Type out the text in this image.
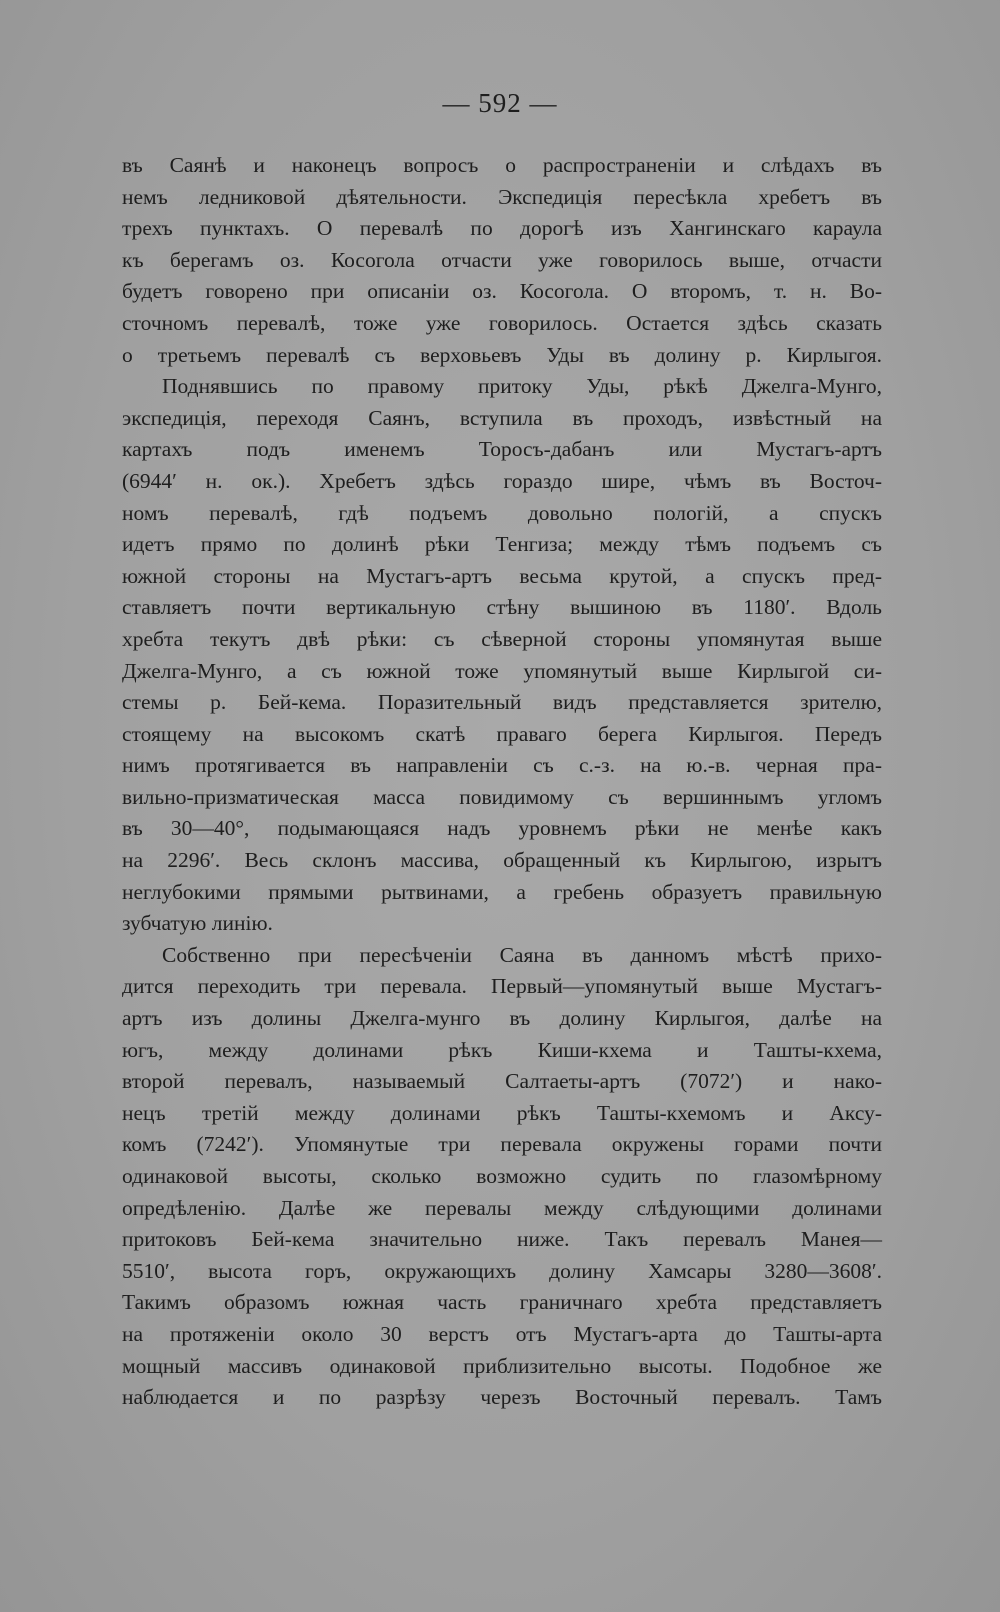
— 592 —
въ Саянѣ и наконецъ вопросъ о распространеніи и слѣдахъ въ
немъ ледниковой дѣятельности. Экспедиція пересѣкла хребетъ въ
трехъ пунктахъ. О перевалѣ по дорогѣ изъ Хангинскаго караула
къ берегамъ оз. Косогола отчасти уже говорилось выше, отчасти
будетъ говорено при описаніи оз. Косогола. О второмъ, т. н. Во-
сточномъ перевалѣ, тоже уже говорилось. Остается здѣсь сказать
о третьемъ перевалѣ съ верховьевъ Уды въ долину р. Кирлыгоя.
Поднявшись по правому притоку Уды, рѣкѣ Джелга-Мунго,
экспедиція, переходя Саянъ, вступила въ проходъ, извѣстный на
картахъ подъ именемъ Торосъ-дабанъ или Мустагъ-артъ
(6944′ н. ок.). Хребетъ здѣсь гораздо шире, чѣмъ въ Восточ-
номъ перевалѣ, гдѣ подъемъ довольно пологій, а спускъ
идетъ прямо по долинѣ рѣки Тенгиза; между тѣмъ подъемъ съ
южной стороны на Мустагъ-артъ весьма крутой, а спускъ пред-
ставляетъ почти вертикальную стѣну вышиною въ 1180′. Вдоль
хребта текутъ двѣ рѣки: съ сѣверной стороны упомянутая выше
Джелга-Мунго, а съ южной тоже упомянутый выше Кирлыгой си-
стемы р. Бей-кема. Поразительный видъ представляется зрителю,
стоящему на высокомъ скатѣ праваго берега Кирлыгоя. Передъ
нимъ протягивается въ направленіи съ с.-з. на ю.-в. черная пра-
вильно-призматическая масса повидимому съ вершиннымъ угломъ
въ 30—40°, подымающаяся надъ уровнемъ рѣки не менѣе какъ
на 2296′. Весь склонъ массива, обращенный къ Кирлыгою, изрытъ
неглубокими прямыми рытвинами, а гребень образуетъ правильную
зубчатую линію.
Собственно при пересѣченіи Саяна въ данномъ мѣстѣ прихо-
дится переходить три перевала. Первый—упомянутый выше Мустагъ-
артъ изъ долины Джелга-мунго въ долину Кирлыгоя, далѣе на
югъ, между долинами рѣкъ Киши-кхема и Ташты-кхема,
второй перевалъ, называемый Салтаеты-артъ (7072′) и нако-
нецъ третій между долинами рѣкъ Ташты-кхемомъ и Аксу-
комъ (7242′). Упомянутые три перевала окружены горами почти
одинаковой высоты, сколько возможно судить по глазомѣрному
опредѣленію. Далѣе же перевалы между слѣдующими долинами
притоковъ Бей-кема значительно ниже. Такъ перевалъ Манея—
5510′, высота горъ, окружающихъ долину Хамсары 3280—3608′.
Такимъ образомъ южная часть граничнаго хребта представляетъ
на протяженіи около 30 верстъ отъ Мустагъ-арта до Ташты-арта
мощный массивъ одинаковой приблизительно высоты. Подобное же
наблюдается и по разрѣзу черезъ Восточный перевалъ. Тамъ
